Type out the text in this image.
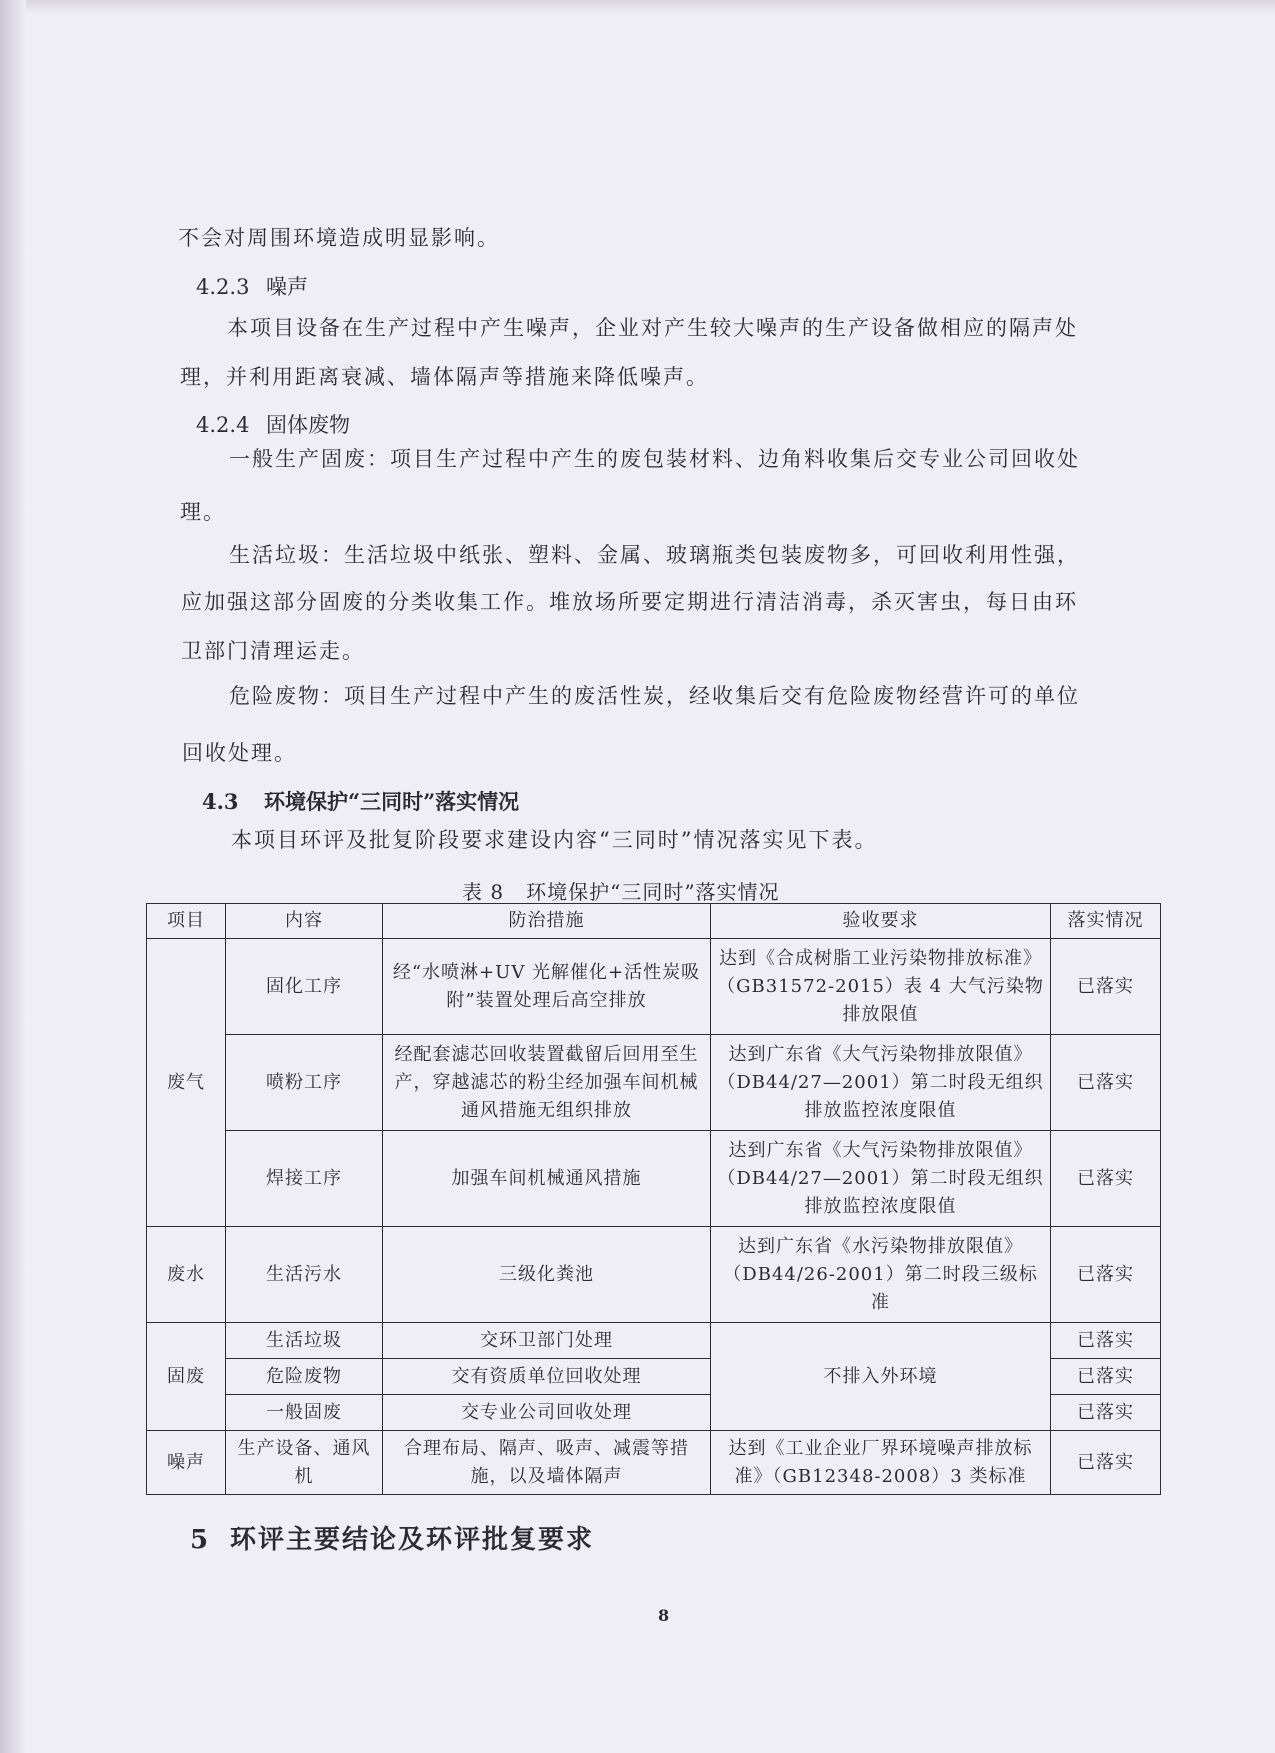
不会对周围环境造成明显影响。
4.2.3 噪声
本项目设备在生产过程中产生噪声，企业对产生较大噪声的生产设备做相应的隔声处
理，并利用距离衰减、墙体隔声等措施来降低噪声。
4.2.4 固体废物
一般生产固废：项目生产过程中产生的废包装材料、边角料收集后交专业公司回收处
理。
生活垃圾：生活垃圾中纸张、塑料、金属、玻璃瓶类包装废物多，可回收利用性强，
应加强这部分固废的分类收集工作。堆放场所要定期进行清洁消毒，杀灭害虫，每日由环
卫部门清理运走。
危险废物：项目生产过程中产生的废活性炭，经收集后交有危险废物经营许可的单位
回收处理。
4.3 环境保护“三同时”落实情况
本项目环评及批复阶段要求建设内容“三同时”情况落实见下表。
表 8 环境保护“三同时”落实情况
项目	内容	防治措施	验收要求	落实情况
废气	固化工序	经“水喷淋+UV 光解催化+活性炭吸附”装置处理后高空排放	达到《合成树脂工业污染物排放标准》（GB31572-2015）表 4 大气污染物排放限值	已落实
	喷粉工序	经配套滤芯回收装置截留后回用至生产，穿越滤芯的粉尘经加强车间机械通风措施无组织排放	达到广东省《大气污染物排放限值》（DB44/27—2001）第二时段无组织排放监控浓度限值	已落实
	焊接工序	加强车间机械通风措施	达到广东省《大气污染物排放限值》（DB44/27—2001）第二时段无组织排放监控浓度限值	已落实
废水	生活污水	三级化粪池	达到广东省《水污染物排放限值》（DB44/26-2001）第二时段三级标准	已落实
固废	生活垃圾	交环卫部门处理	不排入外环境	已落实
	危险废物	交有资质单位回收处理		已落实
	一般固废	交专业公司回收处理		已落实
噪声	生产设备、通风机	合理布局、隔声、吸声、减震等措施，以及墙体隔声	达到《工业企业厂界环境噪声排放标准》（GB12348-2008）3 类标准	已落实
5 环评主要结论及环评批复要求
8
